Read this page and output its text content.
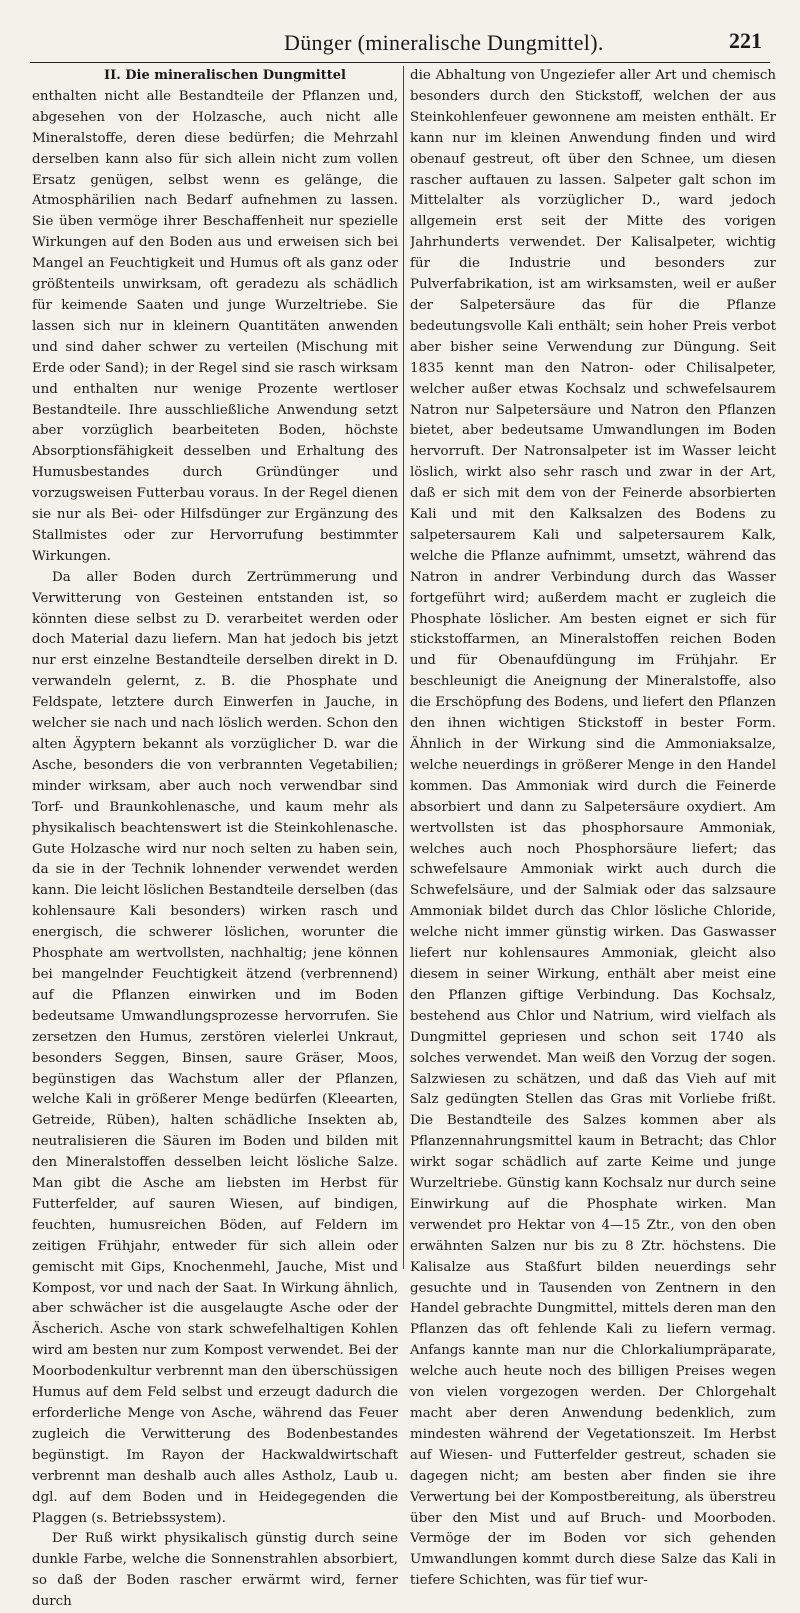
Dünger (mineralische Dungmittel).	221

II. Die mineralischen Dungmittel

enthalten nicht alle Bestandteile der Pflanzen und, abgesehen von der Holzasche, auch nicht alle Mineralstoffe, deren diese bedürfen; die Mehrzahl derselben kann also für sich allein nicht zum vollen Ersatz genügen, selbst wenn es gelänge, die Atmosphärilien nach Bedarf aufnehmen zu lassen. Sie üben vermöge ihrer Beschaffenheit nur spezielle Wirkungen auf den Boden aus und erweisen sich bei Mangel an Feuchtigkeit und Humus oft als ganz oder größtenteils unwirksam, oft geradezu als schädlich für keimende Saaten und junge Wurzeltriebe. Sie lassen sich nur in kleinern Quantitäten anwenden und sind daher schwer zu verteilen (Mischung mit Erde oder Sand); in der Regel sind sie rasch wirksam und enthalten nur wenige Prozente wertloser Bestandteile. Ihre ausschließliche Anwendung setzt aber vorzüglich bearbeiteten Boden, höchste Absorptionsfähigkeit desselben und Erhaltung des Humusbestandes durch Gründünger und vorzugsweisen Futterbau voraus. In der Regel dienen sie nur als Bei- oder Hilfsdünger zur Ergänzung des Stallmistes oder zur Hervorrufung bestimmter Wirkungen.

Da aller Boden durch Zertrümmerung und Verwitterung von Gesteinen entstanden ist, so könnten diese selbst zu D. verarbeitet werden oder doch Material dazu liefern. Man hat jedoch bis jetzt nur erst einzelne Bestandteile derselben direkt in D. verwandeln gelernt, z. B. die Phosphate und Feldspate, letztere durch Einwerfen in Jauche, in welcher sie nach und nach löslich werden. Schon den alten Ägyptern bekannt als vorzüglicher D. war die Asche, besonders die von verbrannten Vegetabilien; minder wirksam, aber auch noch verwendbar sind Torf- und Braunkohlenasche, und kaum mehr als physikalisch beachtenswert ist die Steinkohlenasche. Gute Holzasche wird nur noch selten zu haben sein, da sie in der Technik lohnender verwendet werden kann. Die leicht löslichen Bestandteile derselben (das kohlensaure Kali besonders) wirken rasch und energisch, die schwerer löslichen, worunter die Phosphate am wertvollsten, nachhaltig; jene können bei mangelnder Feuchtigkeit ätzend (verbrennend) auf die Pflanzen einwirken und im Boden bedeutsame Umwandlungsprozesse hervorrufen. Sie zersetzen den Humus, zerstören vielerlei Unkraut, besonders Seggen, Binsen, saure Gräser, Moos, begünstigen das Wachstum aller der Pflanzen, welche Kali in größerer Menge bedürfen (Kleearten, Getreide, Rüben), halten schädliche Insekten ab, neutralisieren die Säuren im Boden und bilden mit den Mineralstoffen desselben leicht lösliche Salze. Man gibt die Asche am liebsten im Herbst für Futterfelder, auf sauren Wiesen, auf bindigen, feuchten, humusreichen Böden, auf Feldern im zeitigen Frühjahr, entweder für sich allein oder gemischt mit Gips, Knochenmehl, Jauche, Mist und Kompost, vor und nach der Saat. In Wirkung ähnlich, aber schwächer ist die ausgelaugte Asche oder der Äscherich. Asche von stark schwefelhaltigen Kohlen wird am besten nur zum Kompost verwendet. Bei der Moorbodenkultur verbrennt man den überschüssigen Humus auf dem Feld selbst und erzeugt dadurch die erforderliche Menge von Asche, während das Feuer zugleich die Verwitterung des Bodenbestandes begünstigt. Im Rayon der Hackwaldwirtschaft verbrennt man deshalb auch alles Astholz, Laub u. dgl. auf dem Boden und in Heidegegenden die Plaggen (s. Betriebssystem).

Der Ruß wirkt physikalisch günstig durch seine dunkle Farbe, welche die Sonnenstrahlen absorbiert, so daß der Boden rascher erwärmt wird, ferner durch

die Abhaltung von Ungeziefer aller Art und chemisch besonders durch den Stickstoff, welchen der aus Steinkohlenfeuer gewonnene am meisten enthält. Er kann nur im kleinen Anwendung finden und wird obenauf gestreut, oft über den Schnee, um diesen rascher auftauen zu lassen. Salpeter galt schon im Mittelalter als vorzüglicher D., ward jedoch allgemein erst seit der Mitte des vorigen Jahrhunderts verwendet. Der Kalisalpeter, wichtig für die Industrie und besonders zur Pulverfabrikation, ist am wirksamsten, weil er außer der Salpetersäure das für die Pflanze bedeutungsvolle Kali enthält; sein hoher Preis verbot aber bisher seine Verwendung zur Düngung. Seit 1835 kennt man den Natron- oder Chilisalpeter, welcher außer etwas Kochsalz und schwefelsaurem Natron nur Salpetersäure und Natron den Pflanzen bietet, aber bedeutsame Umwandlungen im Boden hervorruft. Der Natronsalpeter ist im Wasser leicht löslich, wirkt also sehr rasch und zwar in der Art, daß er sich mit dem von der Feinerde absorbierten Kali und mit den Kalksalzen des Bodens zu salpetersaurem Kali und salpetersaurem Kalk, welche die Pflanze aufnimmt, umsetzt, während das Natron in andrer Verbindung durch das Wasser fortgeführt wird; außerdem macht er zugleich die Phosphate löslicher. Am besten eignet er sich für stickstoffarmen, an Mineralstoffen reichen Boden und für Obenaufdüngung im Frühjahr. Er beschleunigt die Aneignung der Mineralstoffe, also die Erschöpfung des Bodens, und liefert den Pflanzen den ihnen wichtigen Stickstoff in bester Form. Ähnlich in der Wirkung sind die Ammoniaksalze, welche neuerdings in größerer Menge in den Handel kommen. Das Ammoniak wird durch die Feinerde absorbiert und dann zu Salpetersäure oxydiert. Am wertvollsten ist das phosphorsaure Ammoniak, welches auch noch Phosphorsäure liefert; das schwefelsaure Ammoniak wirkt auch durch die Schwefelsäure, und der Salmiak oder das salzsaure Ammoniak bildet durch das Chlor lösliche Chloride, welche nicht immer günstig wirken. Das Gaswasser liefert nur kohlensaures Ammoniak, gleicht also diesem in seiner Wirkung, enthält aber meist eine den Pflanzen giftige Verbindung. Das Kochsalz, bestehend aus Chlor und Natrium, wird vielfach als Dungmittel gepriesen und schon seit 1740 als solches verwendet. Man weiß den Vorzug der sogen. Salzwiesen zu schätzen, und daß das Vieh auf mit Salz gedüngten Stellen das Gras mit Vorliebe frißt. Die Bestandteile des Salzes kommen aber als Pflanzennahrungsmittel kaum in Betracht; das Chlor wirkt sogar schädlich auf zarte Keime und junge Wurzeltriebe. Günstig kann Kochsalz nur durch seine Einwirkung auf die Phosphate wirken. Man verwendet pro Hektar von 4—15 Ztr., von den oben erwähnten Salzen nur bis zu 8 Ztr. höchstens. Die Kalisalze aus Staßfurt bilden neuerdings sehr gesuchte und in Tausenden von Zentnern in den Handel gebrachte Dungmittel, mittels deren man den Pflanzen das oft fehlende Kali zu liefern vermag. Anfangs kannte man nur die Chlorkaliumpräparate, welche auch heute noch des billigen Preises wegen von vielen vorgezogen werden. Der Chlorgehalt macht aber deren Anwendung bedenklich, zum mindesten während der Vegetationszeit. Im Herbst auf Wiesen- und Futterfelder gestreut, schaden sie dagegen nicht; am besten aber finden sie ihre Verwertung bei der Kompostbereitung, als überstreu über den Mist und auf Bruch- und Moorboden. Vermöge der im Boden vor sich gehenden Umwandlungen kommt durch diese Salze das Kali in tiefere Schichten, was für tief wur-
